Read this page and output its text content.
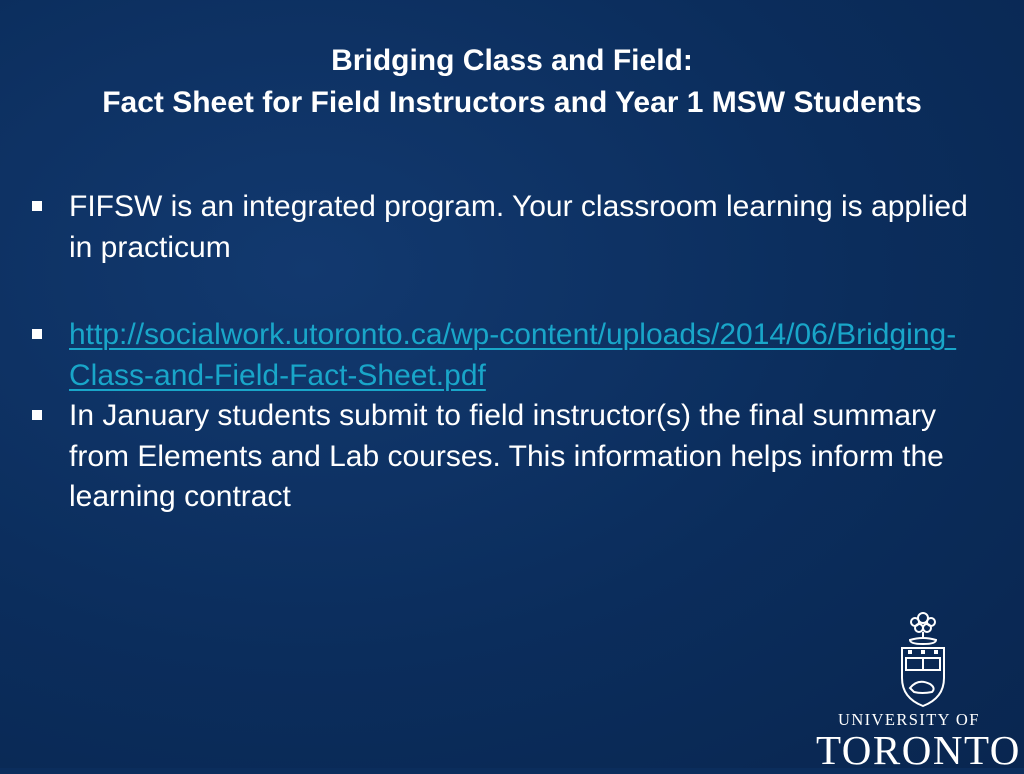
Bridging Class and Field:
Fact Sheet for Field Instructors and Year 1 MSW Students
FIFSW is an integrated program. Your classroom learning is applied in practicum
http://socialwork.utoronto.ca/wp-content/uploads/2014/06/Bridging-Class-and-Field-Fact-Sheet.pdf
In January students submit to field instructor(s) the final summary from Elements and Lab courses. This information helps inform the learning contract
UNIVERSITY OF
TORONTO
